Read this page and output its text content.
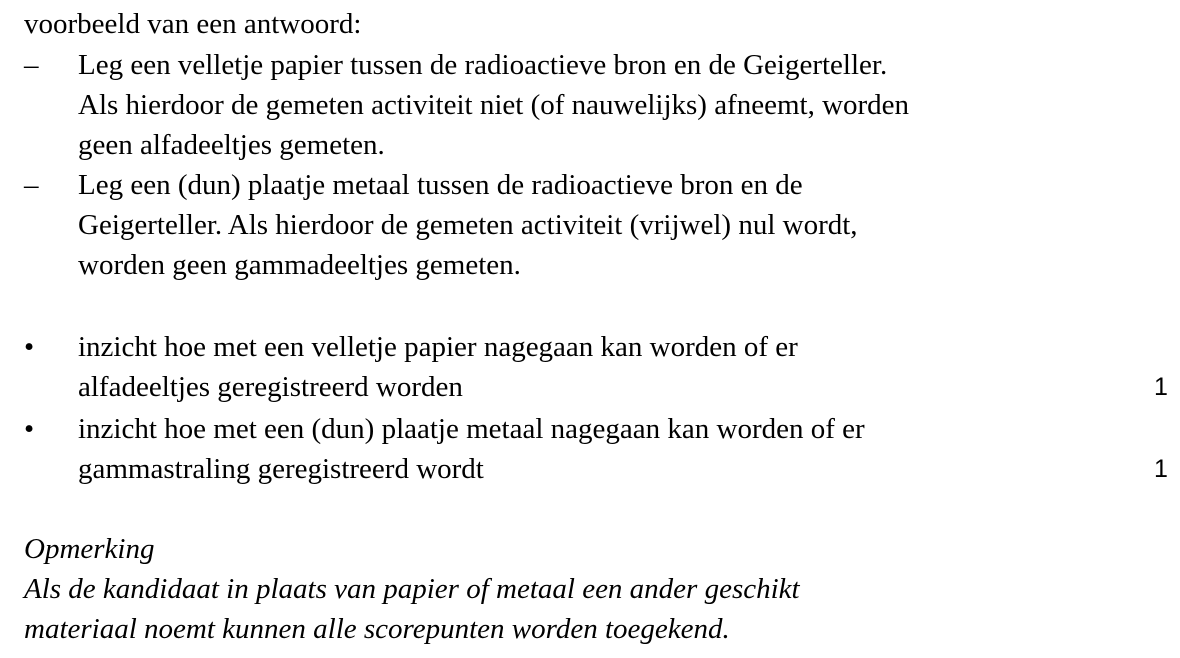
voorbeeld van een antwoord:
– Leg een velletje papier tussen de radioactieve bron en de Geigerteller.
Als hierdoor de gemeten activiteit niet (of nauwelijks) afneemt, worden
geen alfadeeltjes gemeten.
– Leg een (dun) plaatje metaal tussen de radioactieve bron en de
Geigerteller. Als hierdoor de gemeten activiteit (vrijwel) nul wordt,
worden geen gammadeeltjes gemeten.
• inzicht hoe met een velletje papier nagegaan kan worden of er
alfadeeltjes geregistreerd worden	1
• inzicht hoe met een (dun) plaatje metaal nagegaan kan worden of er
gammastraling geregistreerd wordt	1
Opmerking
Als de kandidaat in plaats van papier of metaal een ander geschikt
materiaal noemt kunnen alle scorepunten worden toegekend.
